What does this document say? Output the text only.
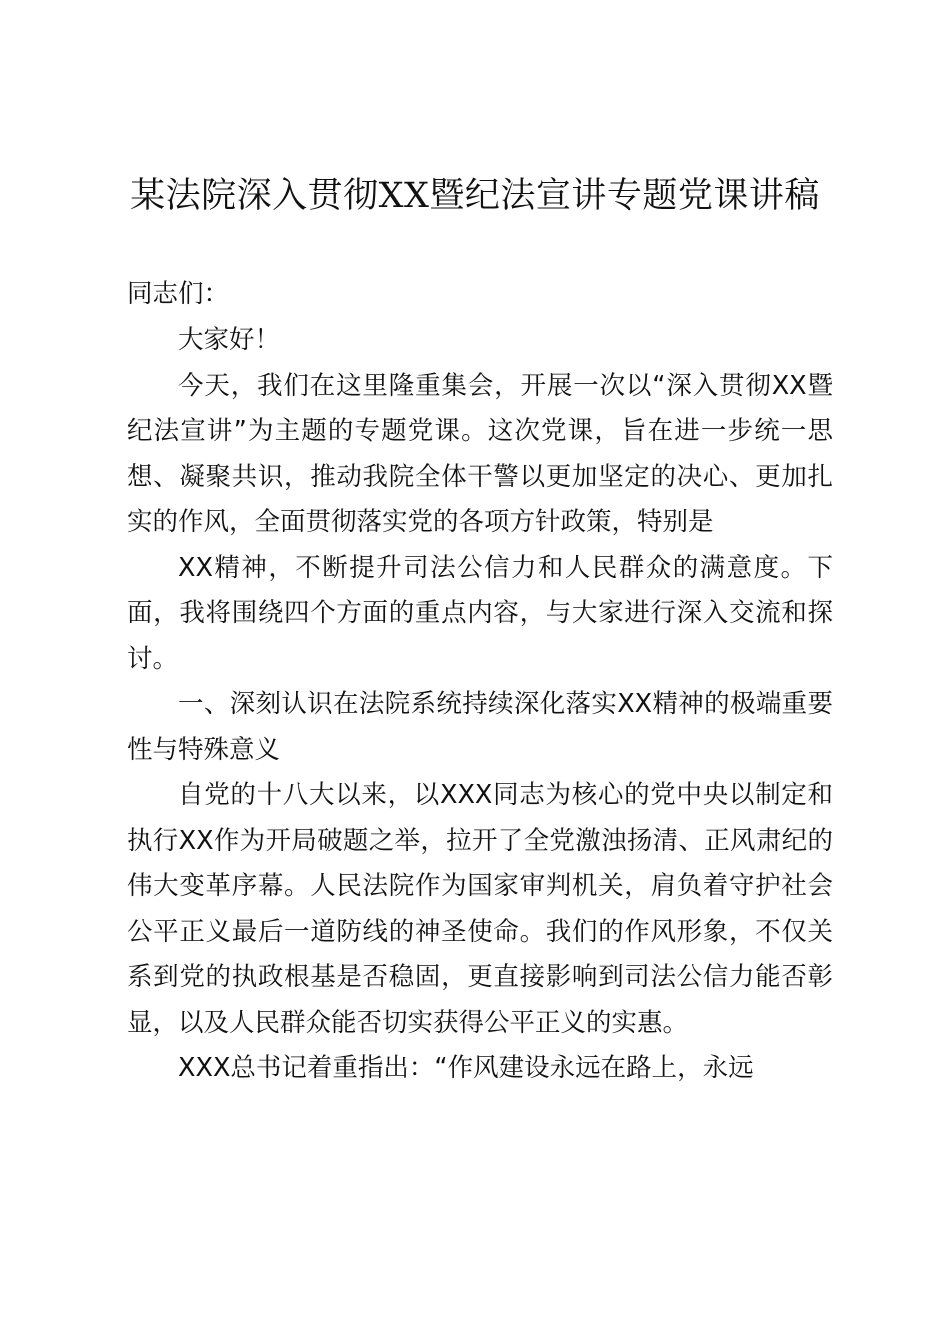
某法院深入贯彻XX暨纪法宣讲专题党课讲稿

同志们：

大家好！

今天，我们在这里隆重集会，开展一次以“深入贯彻XX暨纪法宣讲”为主题的专题党课。这次党课，旨在进一步统一思想、凝聚共识，推动我院全体干警以更加坚定的决心、更加扎实的作风，全面贯彻落实党的各项方针政策，特别是

XX精神，不断提升司法公信力和人民群众的满意度。下面，我将围绕四个方面的重点内容，与大家进行深入交流和探讨。

一、深刻认识在法院系统持续深化落实XX精神的极端重要性与特殊意义

自党的十八大以来，以XXX同志为核心的党中央以制定和执行XX作为开局破题之举，拉开了全党激浊扬清、正风肃纪的伟大变革序幕。人民法院作为国家审判机关，肩负着守护社会公平正义最后一道防线的神圣使命。我们的作风形象，不仅关系到党的执政根基是否稳固，更直接影响到司法公信力能否彰显，以及人民群众能否切实获得公平正义的实惠。

XXX总书记着重指出：“作风建设永远在路上，永远
